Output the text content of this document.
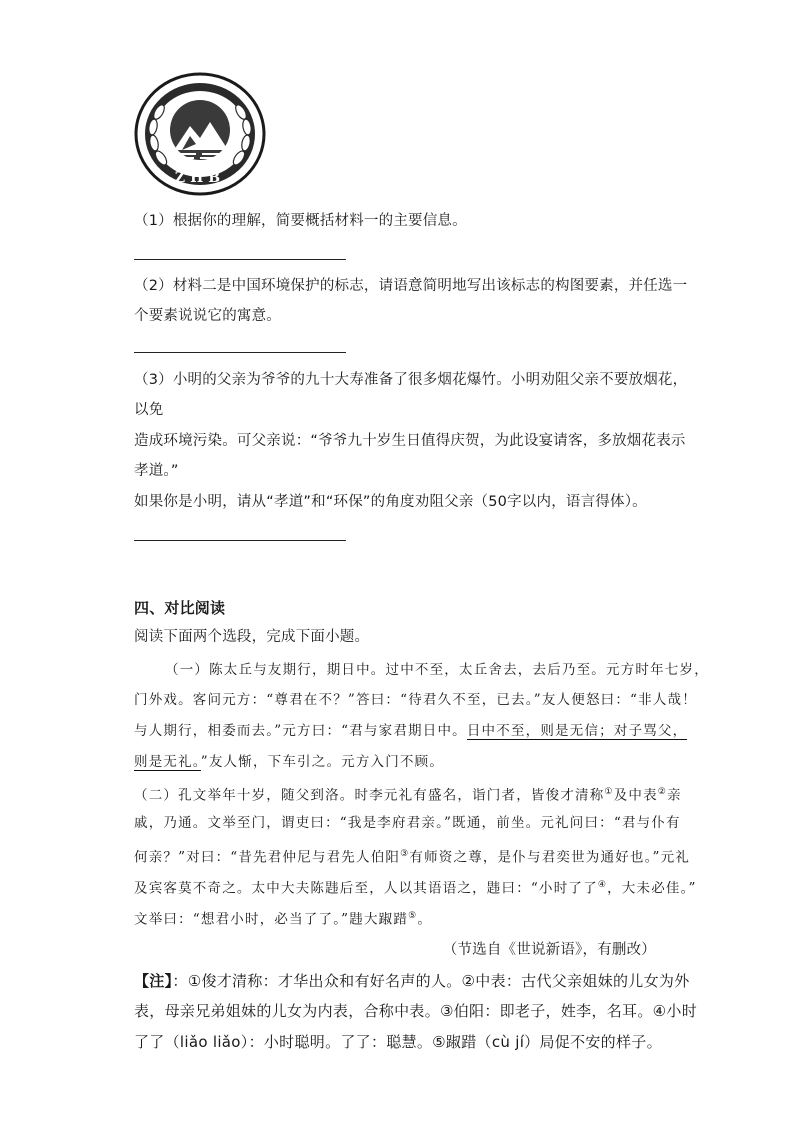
ZHB
（1）根据你的理解，简要概括材料一的主要信息。
（2）材料二是中国环境保护的标志，请语意简明地写出该标志的构图要素，并任选一
个要素说说它的寓意。
（3）小明的父亲为爷爷的九十大寿准备了很多烟花爆竹。小明劝阻父亲不要放烟花，
以免
造成环境污染。可父亲说：“爷爷九十岁生日值得庆贺，为此设宴请客，多放烟花表示
孝道。”
如果你是小明，请从“孝道”和“环保”的角度劝阻父亲（50字以内，语言得体）。
四、对比阅读
阅读下面两个选段，完成下面小题。
（一）陈太丘与友期行，期日中。过中不至，太丘舍去，去后乃至。元方时年七岁，
门外戏。客问元方：“尊君在不？”答曰：“待君久不至，已去。”友人便怒曰：“非人哉！
与人期行，相委而去。”元方曰：“君与家君期日中。日中不至，则是无信；对子骂父，
则是无礼。”友人惭，下车引之。元方入门不顾。
（二）孔文举年十岁，随父到洛。时李元礼有盛名，诣门者，皆俊才清称①及中表②亲
戚，乃通。文举至门，谓吏曰：“我是李府君亲。”既通，前坐。元礼问曰：“君与仆有
何亲？”对曰：“昔先君仲尼与君先人伯阳③有师资之尊，是仆与君奕世为通好也。”元礼
及宾客莫不奇之。太中大夫陈韪后至，人以其语语之，韪曰：“小时了了④，大未必佳。”
文举曰：“想君小时，必当了了。”韪大踧踖⑤。
（节选自《世说新语》，有删改）
【注】：①俊才清称：才华出众和有好名声的人。②中表：古代父亲姐妹的儿女为外
表，母亲兄弟姐妹的儿女为内表，合称中表。③伯阳：即老子，姓李，名耳。④小时
了了（liǎo liǎo）：小时聪明。了了：聪慧。⑤踧踖（cù jí）局促不安的样子。
